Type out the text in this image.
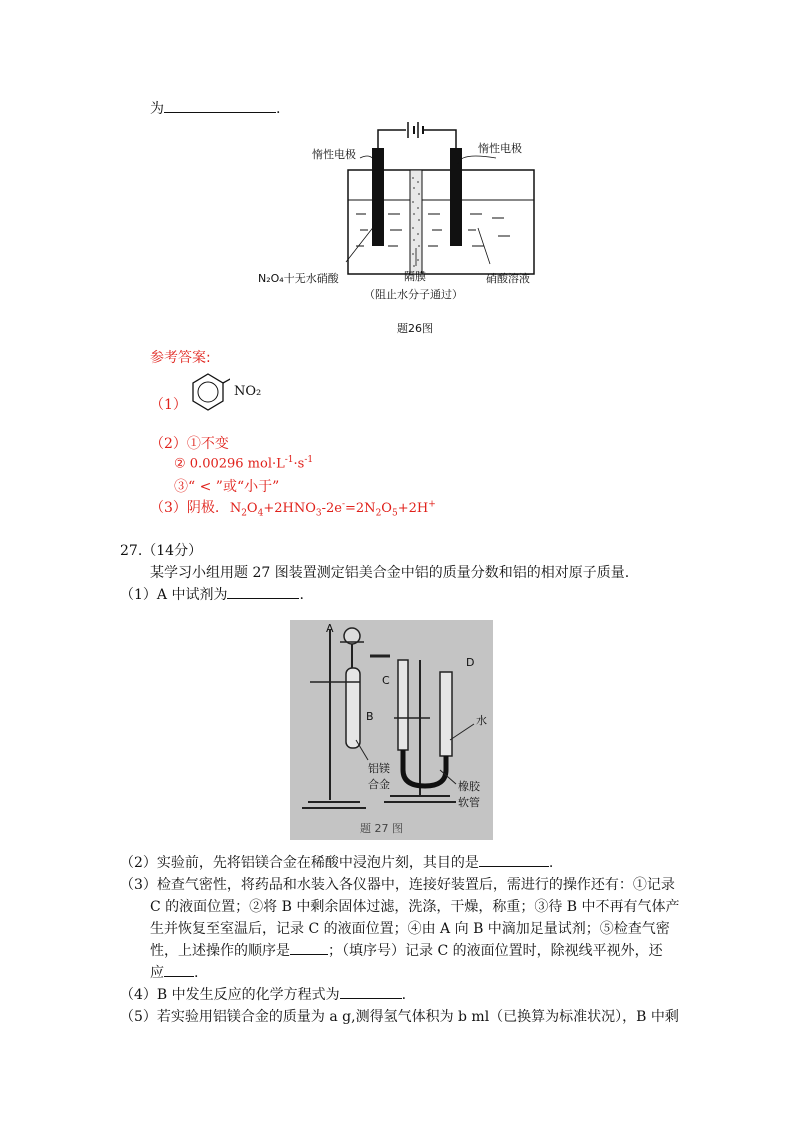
为	.
惰性电极	惰性电极
N₂O₄十无水硝酸	隔膜
（阻止水分子通过）
硝酸溶液
题26图
参考答案:
（1）
NO₂
（2）①不变
② 0.00296 $mol\cdot L^{-1}\cdot s^{-1}$
③“ < ”或“小于”
（3）阴极. $N_2O_4+2HNO_3-2e^-=2N_2O_5+2H^+$
27.（14分）
某学习小组用题 27 图装置测定铝美合金中铝的质量分数和铝的相对原子质量.
（1）A 中试剂为	.
A
B
C
D
水
铝镁
合金	橡胶
软管
题 27 图
（2）实验前，先将铝镁合金在稀酸中浸泡片刻，其目的是	.
（3）检查气密性，将药品和水装入各仪器中，连接好装置后，需进行的操作还有：①记录
C 的液面位置；②将 B 中剩余固体过滤，洗涤，干燥，称重；③待 B 中不再有气体产
生并恢复至室温后，记录 C 的液面位置；④由 A 向 B 中滴加足量试剂；⑤检查气密
性，上述操作的顺序是	；（填序号）记录 C 的液面位置时，除视线平视外，还
应 .
（4）B 中发生反应的化学方程式为	.
（5）若实验用铝镁合金的质量为 a g,测得氢气体积为 b ml（已换算为标准状况），B 中剩
